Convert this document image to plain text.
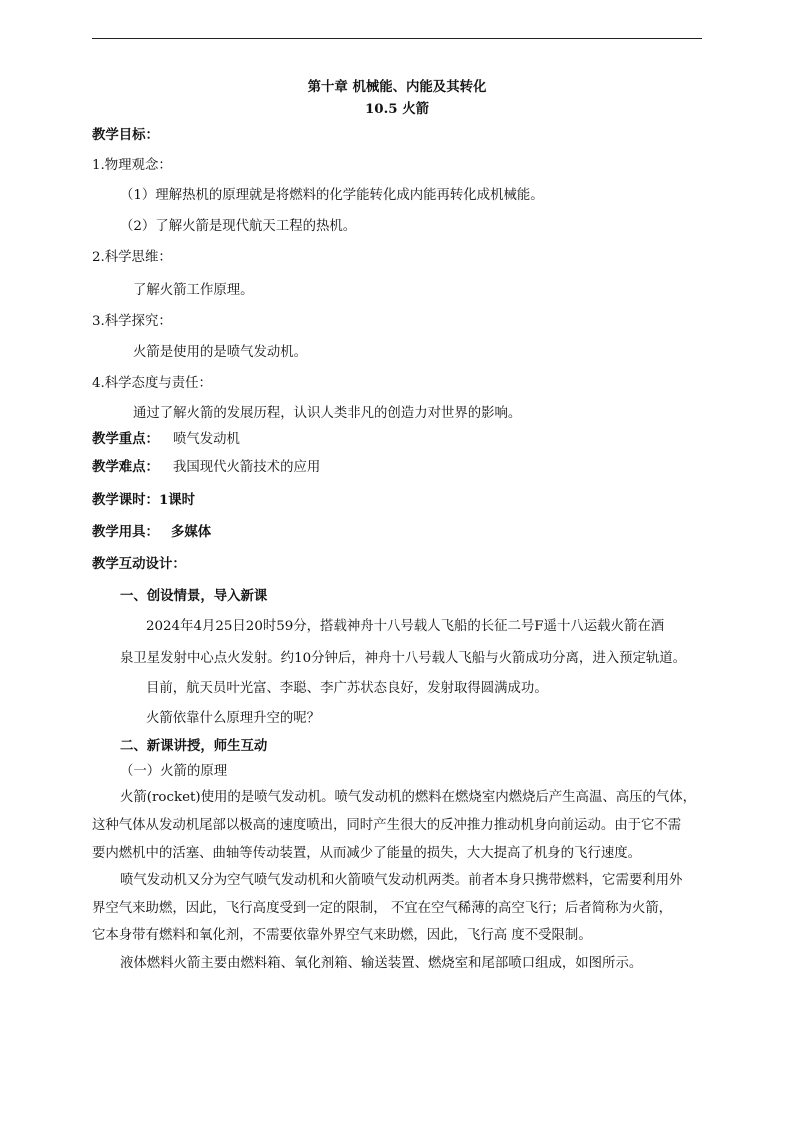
第十章 机械能、内能及其转化
10.5 火箭
教学目标：
1.物理观念：
（1）理解热机的原理就是将燃料的化学能转化成内能再转化成机械能。
（2）了解火箭是现代航天工程的热机。
2.科学思维：
了解火箭工作原理。
3.科学探究：
火箭是使用的是喷气发动机。
4.科学态度与责任：
通过了解火箭的发展历程，认识人类非凡的创造力对世界的影响。
教学重点： 喷气发动机
教学难点： 我国现代火箭技术的应用
教学课时：1课时
教学用具： 多媒体
教学互动设计：
一、创设情景，导入新课
2024年4月25日20时59分，搭载神舟十八号载人飞船的长征二号F遥十八运载火箭在酒
泉卫星发射中心点火发射。约10分钟后，神舟十八号载人飞船与火箭成功分离，进入预定轨道。
目前，航天员叶光富、李聪、李广苏状态良好，发射取得圆满成功。
火箭依靠什么原理升空的呢？
二、新课讲授，师生互动
（一）火箭的原理
火箭(rocket)使用的是喷气发动机。喷气发动机的燃料在燃烧室内燃烧后产生高温、高压的气体，
这种气体从发动机尾部以极高的速度喷出，同时产生很大的反冲推力推动机身向前运动。由于它不需
要内燃机中的活塞、曲轴等传动装置，从而减少了能量的损失，大大提高了机身的飞行速度。
喷气发动机又分为空气喷气发动机和火箭喷气发动机两类。前者本身只携带燃料，它需要利用外
界空气来助燃，因此，飞行高度受到一定的限制， 不宜在空气稀薄的高空飞行；后者简称为火箭，
它本身带有燃料和氧化剂，不需要依靠外界空气来助燃，因此，飞行高 度不受限制。
液体燃料火箭主要由燃料箱、氧化剂箱、输送装置、燃烧室和尾部喷口组成，如图所示。
